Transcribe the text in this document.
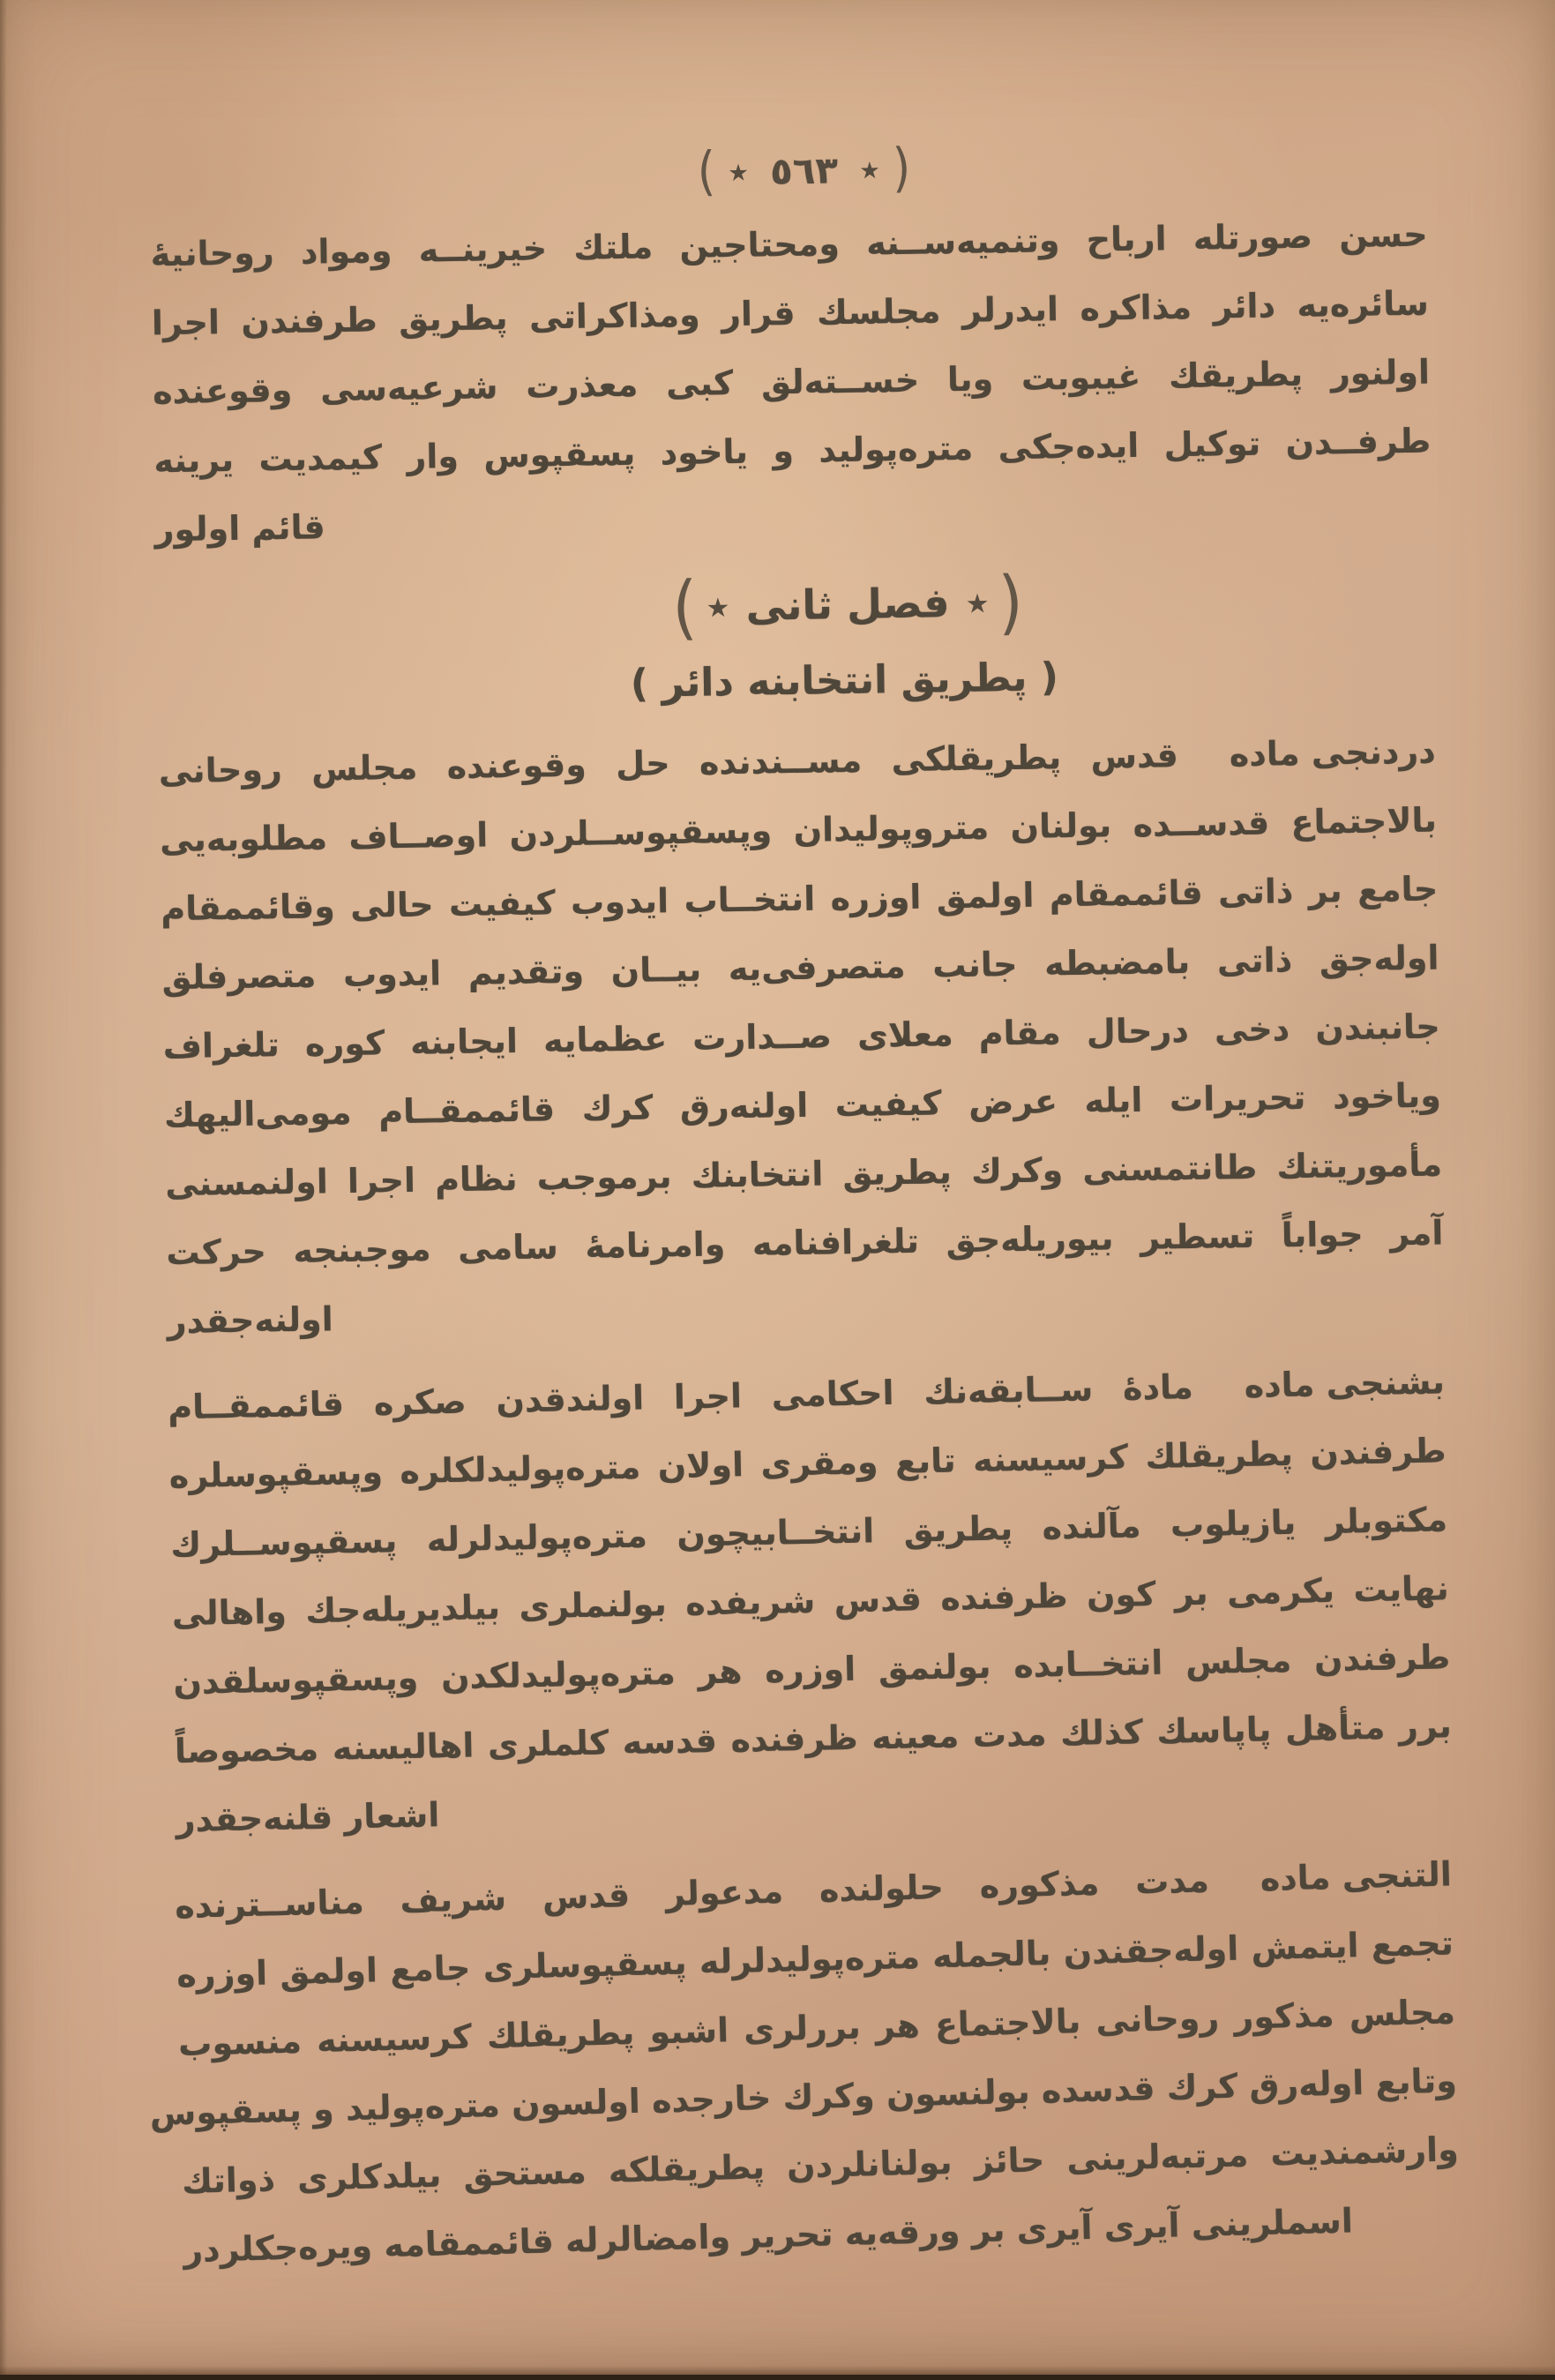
( ٭ ٥٦٣ ٭ )
حسن صورتله ارباح وتنميه‌ســنه ومحتاجين ملتك خيرينــه ومواد روحانيهٔ
سائره‌يه دائر مذاكره ايدرلر مجلسك قرار ومذاكراتى پطريق طرفندن اجرا
اولنور پطريقك غيبوبت ويا خســته‌لق كبى معذرت شرعيه‌سى وقوعنده
طرفــدن توكيل ايده‌جكى متره‌پوليد و ياخود پسقپوس وار كيمديت يرينه
قائم اولور
( ٭ فصل ثانى ٭ )
( پطريق انتخابنه دائر )
دردنجى ماده
قدس پطريقلكى مســندنده حل وقوعنده مجلس روحانى
بالاجتماع قدســده بولنان متروپوليدان وپسقپوســلردن اوصــاف مطلوبه‌يى
جامع بر ذاتى قائممقام اولمق اوزره انتخــاب ايدوب كيفيت حالى وقائممقام
اوله‌جق ذاتى بامضبطه جانب متصرفى‌يه بيــان وتقديم ايدوب متصرفلق
جانبندن دخى درحال مقام معلاى صــدارت عظمايه ايجابنه كوره تلغراف
وياخود تحريرات ايله عرض كيفيت اولنه‌رق كرك قائممقــام مومى‌اليهك
مأموريتنك طانتمسنى وكرك پطريق انتخابنك برموجب نظام اجرا اولنمسنى
آمر جواباً تسطير بيوريله‌جق تلغرافنامه وامرنامهٔ سامى موجبنجه حركت
اولنه‌جقدر
بشنجى ماده
مادهٔ ســابقه‌نك احكامى اجرا اولندقدن صكره قائممقــام
طرفندن پطريقلك كرسيسنه تابع ومقرى اولان متره‌پوليدلكلره وپسقپوسلره
مكتوبلر يازيلوب مآلنده پطريق انتخــابيچون متره‌پوليدلرله پسقپوســلرك
نهايت يكرمى بر كون ظرفنده قدس شريفده بولنملرى بيلديريله‌جك واهالى
طرفندن مجلس انتخــابده بولنمق اوزره هر متره‌پوليدلكدن وپسقپوسلقدن
برر متأهل پاپاسك كذلك مدت معينه ظرفنده قدسه كلملرى اهاليسنه مخصوصاً
اشعار قلنه‌جقدر
التنجى ماده
مدت مذكوره حلولنده مدعولر قدس شريف مناســترنده
تجمع ايتمش اوله‌جقندن بالجمله متره‌پوليدلرله پسقپوسلرى جامع اولمق اوزره
مجلس مذكور روحانى بالاجتماع هر بررلرى اشبو پطريقلك كرسيسنه منسوب
وتابع اوله‌رق كرك قدسده بولنسون وكرك خارجده اولسون متره‌پوليد و پسقپوس
وارشمنديت مرتبه‌لرينى حائز بولنانلردن پطريقلكه مستحق بيلدكلرى ذواتك
اسملرينى آيرى آيرى بر ورقه‌يه تحرير وامضالرله قائممقامه ويره‌جكلردر
